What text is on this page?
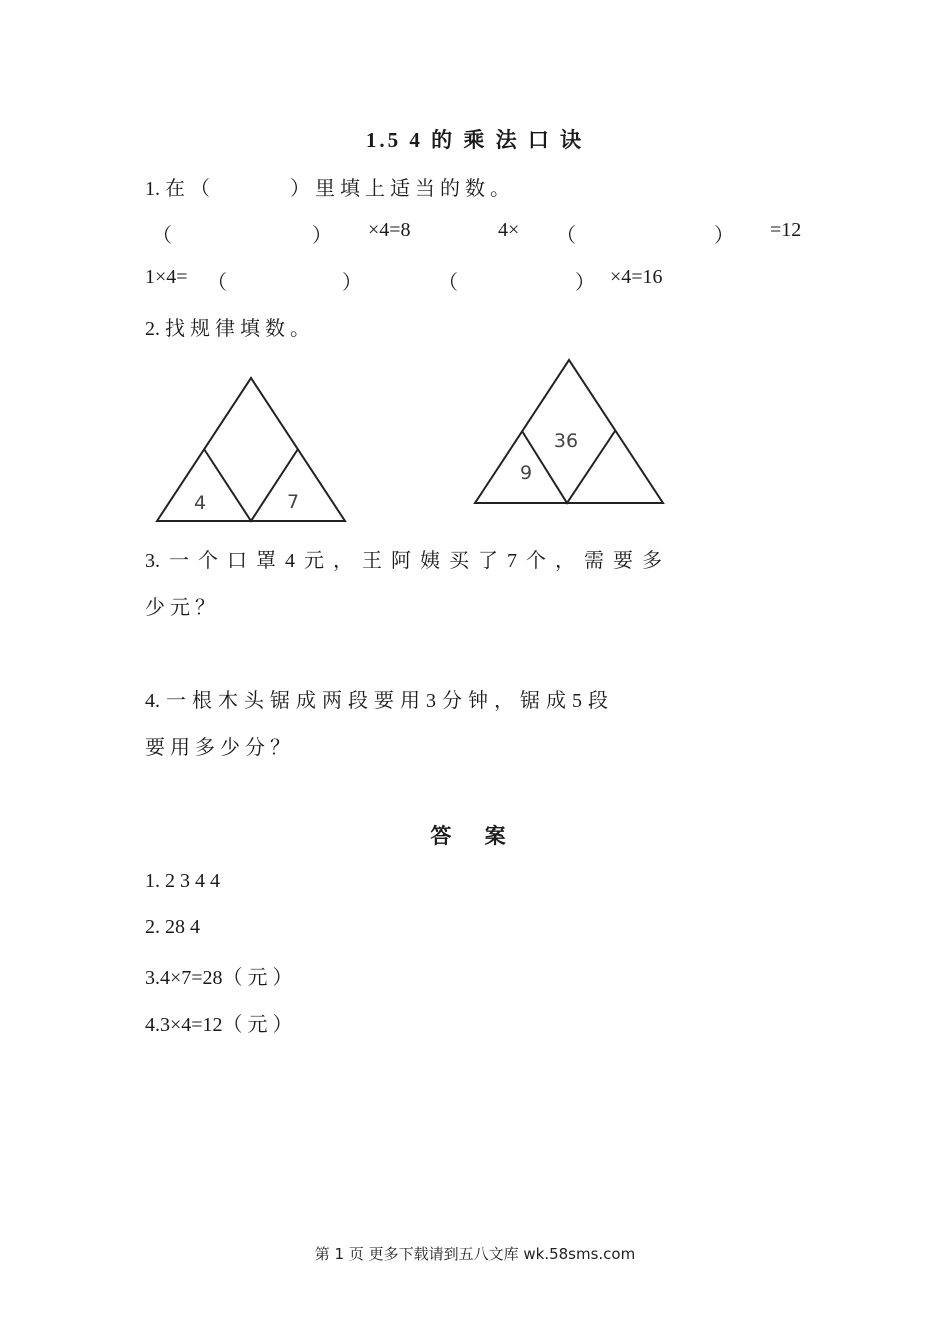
1.5 4 的 乘 法 口 诀
1. 在 （　　　　） 里 填 上 适 当 的 数 。
（	） ×4=8	4× （	） =12
1×4= （	）	（	） ×4=16
2. 找 规 律 填 数 。
4	7
9
36
3. 一 个 口 罩 4 元 ， 王 阿 姨 买 了 7 个 ， 需 要 多
少 元 ？
4. 一 根 木 头 锯 成 两 段 要 用 3 分 钟 ， 锯 成 5 段
要 用 多 少 分 ？
答 案
1. 2 3 4 4
2. 28 4
3.4×7=28（ 元 ）
4.3×4=12（ 元 ）
第 1 页 更多下载请到五八文库 wk.58sms.com
